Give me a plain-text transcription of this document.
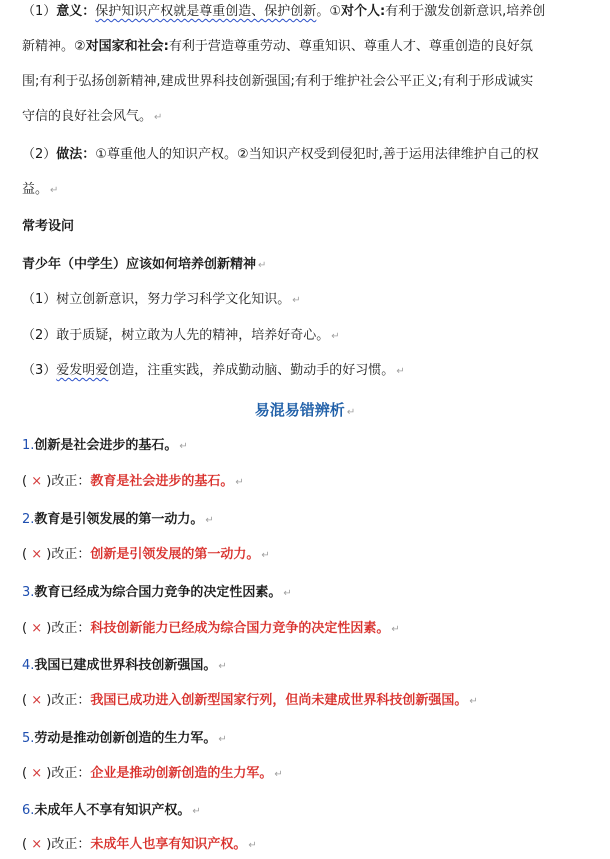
（1）意义：保护知识产权就是尊重创造、保护创新。①对个人:有利于激发创新意识,培养创
新精神。②对国家和社会:有利于营造尊重劳动、尊重知识、尊重人才、尊重创造的良好氛
围;有利于弘扬创新精神,建成世界科技创新强国;有利于维护社会公平正义;有利于形成诚实
守信的良好社会风气。 ↵
（2）做法：①尊重他人的知识产权。②当知识产权受到侵犯时,善于运用法律维护自己的权
益。 ↵
常考设问
青少年（中学生）应该如何培养创新精神 ↵
（1）树立创新意识，努力学习科学文化知识。 ↵
（2）敢于质疑，树立敢为人先的精神，培养好奇心。 ↵
（3）爱发明爱创造，注重实践，养成勤动脑、勤动手的好习惯。 ↵
易混易错辨析 ↵
1.创新是社会进步的基石。 ↵
( × )改正：教育是社会进步的基石。 ↵
2.教育是引领发展的第一动力。 ↵
( × )改正：创新是引领发展的第一动力。 ↵
3.教育已经成为综合国力竞争的决定性因素。 ↵
( × )改正：科技创新能力已经成为综合国力竞争的决定性因素。 ↵
4.我国已建成世界科技创新强国。 ↵
( × )改正：我国已成功进入创新型国家行列，但尚未建成世界科技创新强国。 ↵
5.劳动是推动创新创造的生力军。 ↵
( × )改正：企业是推动创新创造的生力军。 ↵
6.未成年人不享有知识产权。 ↵
( × )改正：未成年人也享有知识产权。 ↵
